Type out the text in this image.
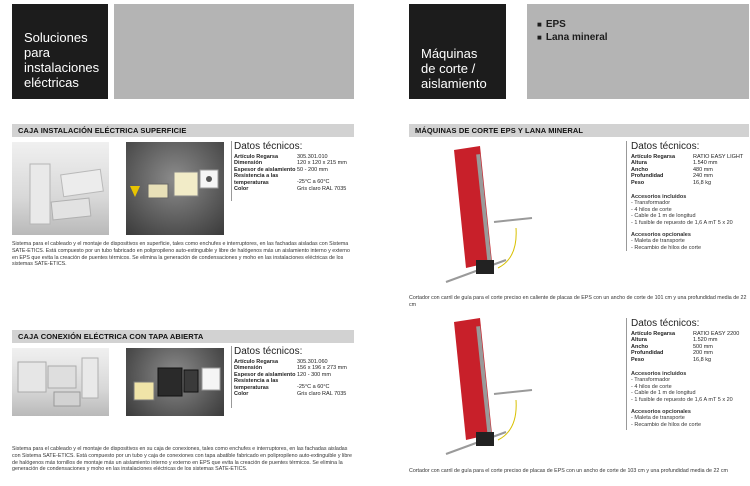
Soluciones
para
instalaciones
eléctricas
CAJA INSTALACIÓN ELÉCTRICA SUPERFICIE
Datos técnicos:
Artículo Regarsa	305.301.010
Dimensión	120 x 120 x 215 mm
Espesor de aislamiento 50 - 200 mm
Resistencia a las temperaturas	-25°C a 60°C
Color	Gris claro RAL 7035
Sistema para el cableado y el montaje de dispositivos en superficie, tales como enchufes e interruptores, en las fachadas aisladas con Sistema SATE-ETICS. Está compuesto por un tubo fabricado en polipropileno auto-extinguible y libre de halógenos más un aislamiento interno y externo en EPS que evita la creación de puentes térmicos. Se elimina la generación de condensaciones y moho en las instalaciones eléctricas de los sistemas SATE-ETICS.
CAJA CONEXIÓN ELÉCTRICA CON TAPA ABIERTA
Datos técnicos:
Artículo Regarsa	305.301.060
Dimensión	156 x 196 x 273 mm
Espesor de aislamiento 120 - 300 mm
Resistencia a las temperaturas	-25°C a 60°C
Color	Gris claro RAL 7035
Sistema para el cableado y el montaje de dispositivos en su caja de conexiones, tales como enchufes e interruptores, en las fachadas aisladas con Sistema SATE-ETICS. Está compuesto por un tubo y caja de conexiones con tapa abatible fabricado en polipropileno auto-extinguible y libre de halógenos más tornillos de montaje más un aislamiento interno y externo en EPS que evita la creación de puentes térmicos. Se elimina la generación de condensaciones y moho en las instalaciones eléctricas de los sistemas SATE-ETICS.
Máquinas
de corte /
aislamiento
■ EPS
■ Lana mineral
MÁQUINAS DE CORTE EPS Y LANA MINERAL
Datos técnicos:
Artículo Regarsa	RATIO EASY LIGHT
Altura	1.540 mm
Ancho	480 mm
Profundidad	240 mm
Peso	16,8 kg
Accesorios incluidos
- Transformador
- 4 hilos de corte
- Cable de 1 m de longitud
- 1 fusible de repuesto de 1,6 A mT 5 x 20
Accesorios opcionales
- Maleta de transporte
- Recambio de hilos de corte
Cortador con carril de guía para el corte preciso en caliente de placas de EPS con un ancho de corte de 101 cm y una profundidad media de 22 cm
Datos técnicos:
Artículo Regarsa	RATIO EASY 2200
Altura	1.520 mm
Ancho	500 mm
Profundidad	200 mm
Peso	16,8 kg
Accesorios incluidos
- Transformador
- 4 hilos de corte
- Cable de 1 m de longitud
- 1 fusible de repuesto de 1,6 A mT 5 x 20
Accesorios opcionales
- Maleta de transporte
- Recambio de hilos de corte
Cortador con carril de guía para el corte preciso de placas de EPS con un ancho de corte de 103 cm y una profundidad media de 22 cm
